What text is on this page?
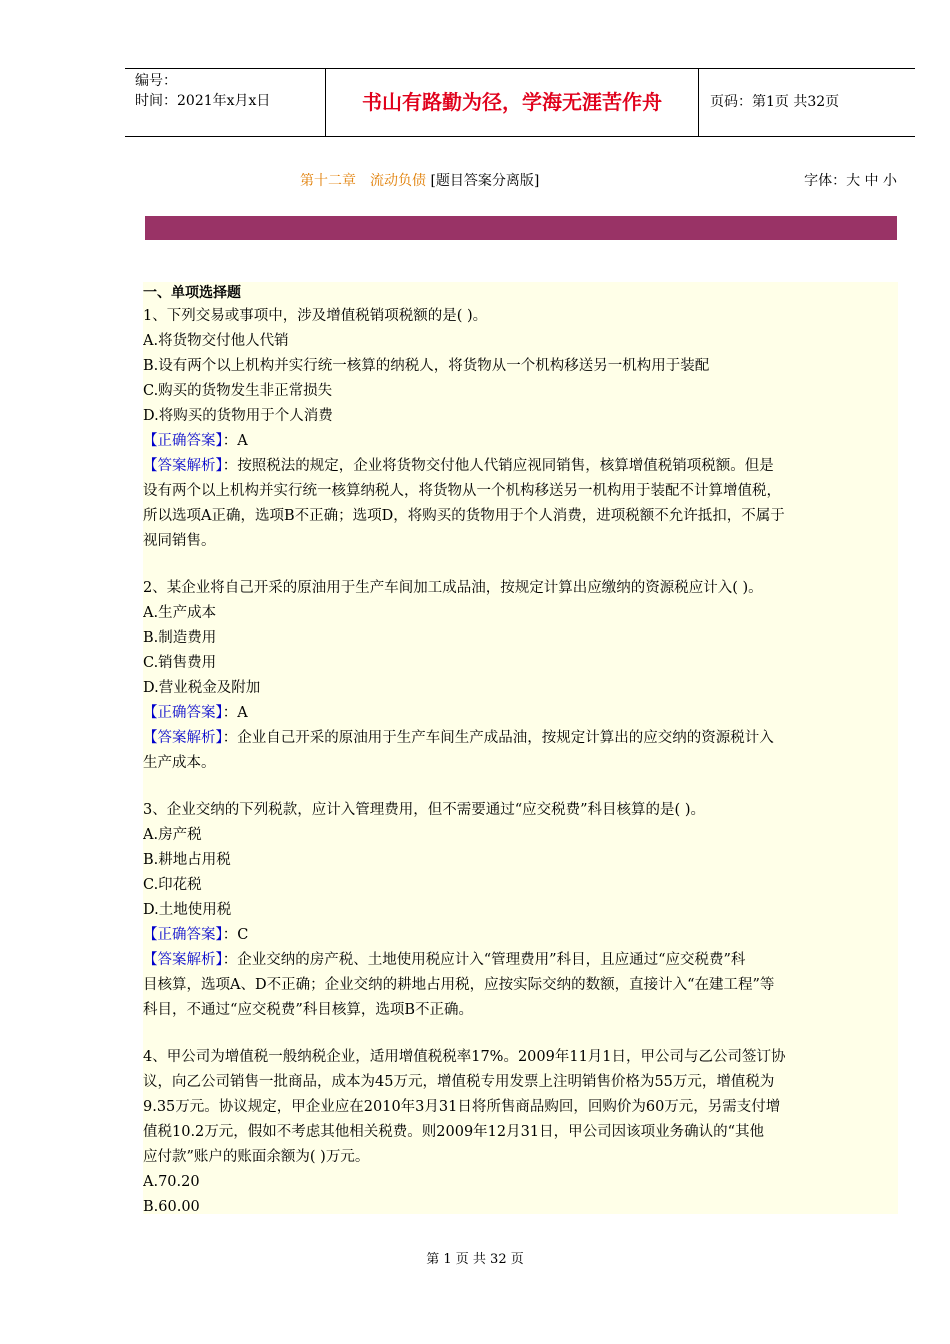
编号：
时间：2021年x月x日	书山有路勤为径，学海无涯苦作舟	页码：第1页 共32页
第十二章　流动负债 [题目答案分离版]	字体：大 中 小
一、单项选择题
1、下列交易或事项中，涉及增值税销项税额的是( )。
A.将货物交付他人代销
B.设有两个以上机构并实行统一核算的纳税人，将货物从一个机构移送另一机构用于装配
C.购买的货物发生非正常损失
D.将购买的货物用于个人消费
【正确答案】：A
【答案解析】：按照税法的规定，企业将货物交付他人代销应视同销售，核算增值税销项税额。但是
设有两个以上机构并实行统一核算纳税人，将货物从一个机构移送另一机构用于装配不计算增值税，
所以选项A正确，选项B不正确；选项D，将购买的货物用于个人消费，进项税额不允许抵扣，不属于
视同销售。
2、某企业将自己开采的原油用于生产车间加工成品油，按规定计算出应缴纳的资源税应计入( )。
A.生产成本
B.制造费用
C.销售费用
D.营业税金及附加
【正确答案】：A
【答案解析】：企业自己开采的原油用于生产车间生产成品油，按规定计算出的应交纳的资源税计入
生产成本。
3、企业交纳的下列税款，应计入管理费用，但不需要通过“应交税费”科目核算的是( )。
A.房产税
B.耕地占用税
C.印花税
D.土地使用税
【正确答案】：C
【答案解析】：企业交纳的房产税、土地使用税应计入“管理费用”科目，且应通过“应交税费”科
目核算，选项A、D不正确；企业交纳的耕地占用税，应按实际交纳的数额，直接计入“在建工程”等
科目，不通过“应交税费”科目核算，选项B不正确。
4、甲公司为增值税一般纳税企业，适用增值税税率17%。2009年11月1日，甲公司与乙公司签订协
议，向乙公司销售一批商品，成本为45万元，增值税专用发票上注明销售价格为55万元，增值税为
9.35万元。协议规定，甲企业应在2010年3月31日将所售商品购回，回购价为60万元，另需支付增
值税10.2万元，假如不考虑其他相关税费。则2009年12月31日，甲公司因该项业务确认的“其他
应付款”账户的账面余额为( )万元。
A.70.20
B.60.00
第 1 页 共 32 页
